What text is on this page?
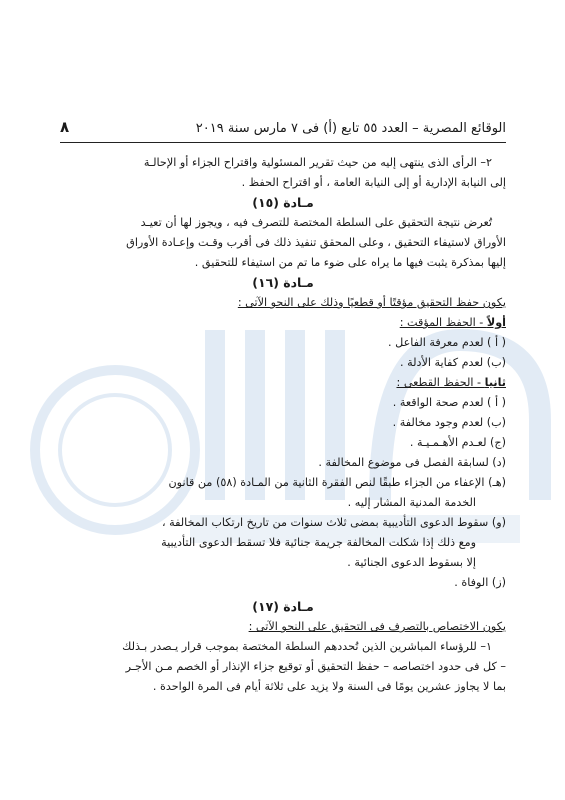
الوقائع المصرية – العدد ٥٥ تابع (أ) فى ٧ مارس سنة ٢٠١٩
٨

٢– الرأى الذى ينتهى إليه من حيث تقرير المسئولية واقتراح الجزاء أو الإحالـة

إلى النيابة الإدارية أو إلى النيابة العامة ، أو اقتراح الحفظ .

مـادة (١٥)

تُعرض نتيجة التحقيق على السلطة المختصة للتصرف فيه ، ويجوز لها أن تعيـد

الأوراق لاستيفاء التحقيق ، وعلى المحقق تنفيذ ذلك فى أقرب وقـت وإعـادة الأوراق

إليها بمذكرة يثبت فيها ما يراه على ضوء ما تم من استيفاء للتحقيق .

مـادة (١٦)

يكون حفظ التحقيق مؤقتًا أو قطعيًا وذلك على النحو الآتى :

أولاً - الحفظ المؤقت :

( أ ) لعدم معرفة الفاعل .

(ب) لعدم كفاية الأدلة .

ثانيا - الحفظ القطعى :

( أ ) لعدم صحة الواقعة .

(ب) لعدم وجود مخالفة .

(ج) لعـدم الأهـمـيـة .

(د) لسابقة الفصل فى موضوع المخالفة .

(هـ) الإعفاء من الجزاء طبقًا لنص الفقرة الثانية من المـادة (٥٨) من قانون

الخدمة المدنية المشار إليه .

(و) سقوط الدعوى التأديبية بمضى ثلاث سنوات من تاريخ ارتكاب المخالفة ،

ومع ذلك إذا شكلت المخالفة جريمة جنائية فلا تسقط الدعوى التأديبية

إلا بسقوط الدعوى الجنائية .

(ز) الوفاة .

مـادة (١٧)

يكون الاختصاص بالتصرف فى التحقيق على النحو الآتى :

١– للرؤساء المباشرين الذين تُحددهم السلطة المختصة بموجب قرار يـصدر بـذلك

– كل فى حدود اختصاصه – حفظ التحقيق أو توقيع جزاء الإنذار أو الخصم مـن الأجـر

بما لا يجاوز عشرين يومًا فى السنة ولا يزيد على ثلاثة أيام فى المرة الواحدة .
